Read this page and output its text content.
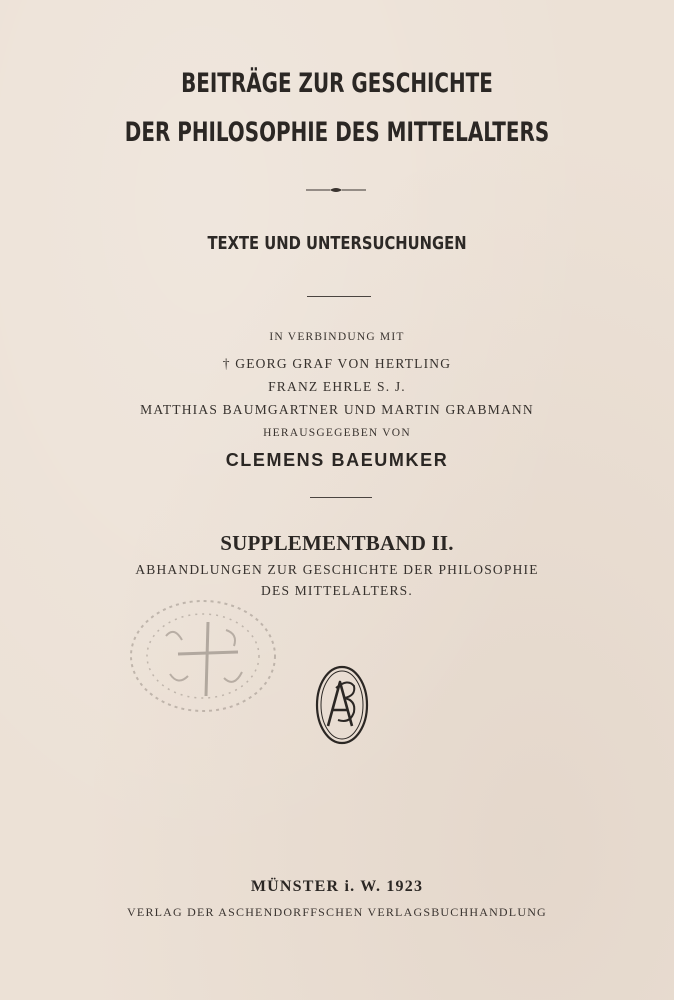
BEITRÄGE ZUR GESCHICHTE
DER PHILOSOPHIE DES MITTELALTERS
TEXTE UND UNTERSUCHUNGEN
IN VERBINDUNG MIT
† GEORG GRAF VON HERTLING
FRANZ EHRLE S. J.
MATTHIAS BAUMGARTNER UND MARTIN GRABMANN
HERAUSGEGEBEN VON
CLEMENS BAEUMKER
SUPPLEMENTBAND II.
ABHANDLUNGEN ZUR GESCHICHTE DER PHILOSOPHIE
DES MITTELALTERS.
MÜNSTER i. W. 1923
VERLAG DER ASCHENDORFFSCHEN VERLAGSBUCHHANDLUNG
